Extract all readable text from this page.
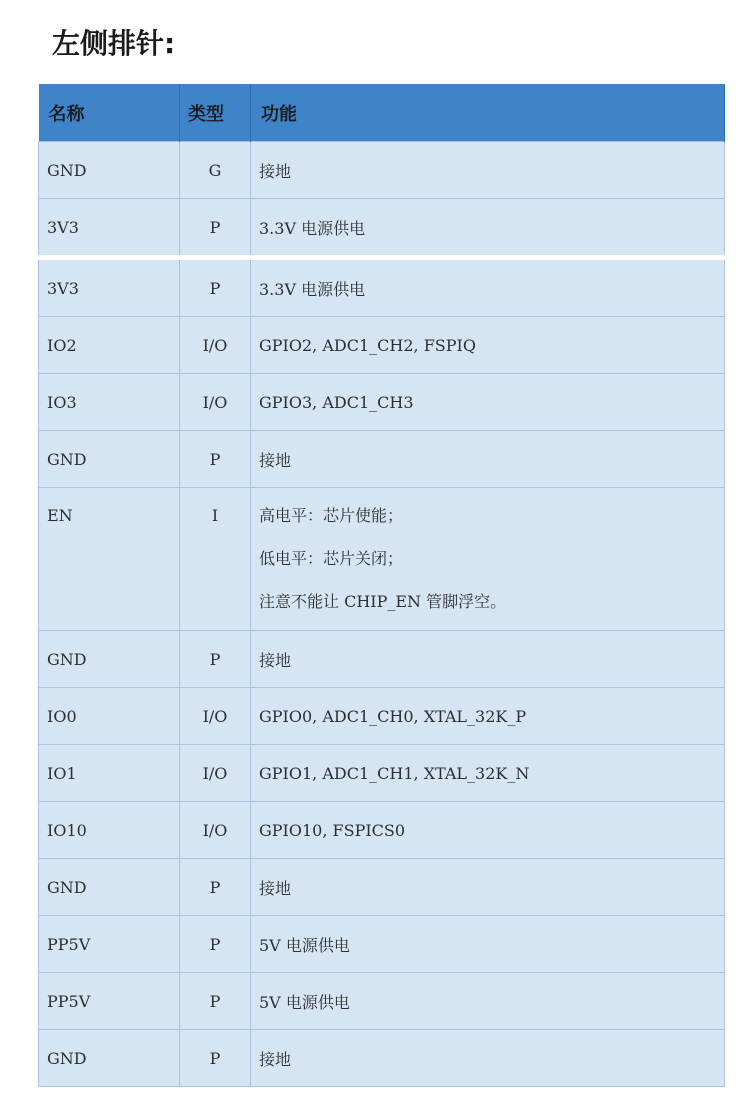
左侧排针:
名称	类型	功能
GND	G	接地
3V3	P	3.3V 电源供电
3V3	P	3.3V 电源供电
IO2	I/O	GPIO2, ADC1_CH2, FSPIQ
IO3	I/O	GPIO3, ADC1_CH3
GND	P	接地
EN	I	高电平：芯片使能；
低电平：芯片关闭；
注意不能让 CHIP_EN 管脚浮空。

GND	P	接地
IO0	I/O	GPIO0, ADC1_CH0, XTAL_32K_P
IO1	I/O	GPIO1, ADC1_CH1, XTAL_32K_N
IO10	I/O	GPIO10, FSPICS0
GND	P	接地
PP5V	P	5V 电源供电
PP5V	P	5V 电源供电
GND	P	接地
